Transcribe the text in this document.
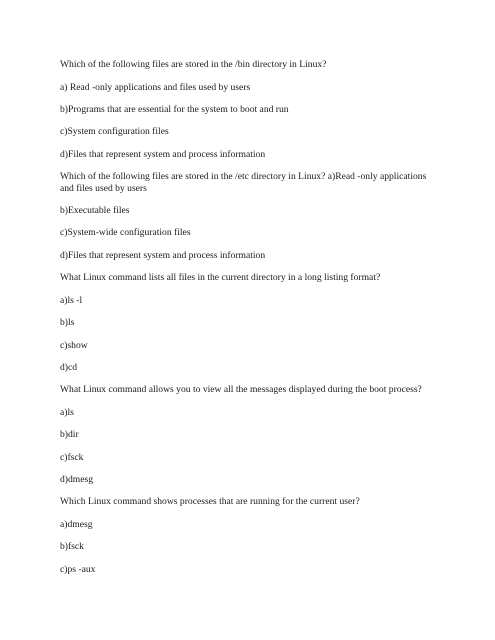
Which of the following files are stored in the /bin directory in Linux?
a) Read -only applications and files used by users
b)Programs that are essential for the system to boot and run
c)System configuration files
d)Files that represent system and process information
Which of the following files are stored in the /etc directory in Linux? a)Read -only applications and files used by users
b)Executable files
c)System-wide configuration files
d)Files that represent system and process information
What Linux command lists all files in the current directory in a long listing format?
a)ls -l
b)ls
c)show
d)cd
What Linux command allows you to view all the messages displayed during the boot process?
a)ls
b)dir
c)fsck
d)dmesg
Which Linux command shows processes that are running for the current user?
a)dmesg
b)fsck
c)ps -aux
